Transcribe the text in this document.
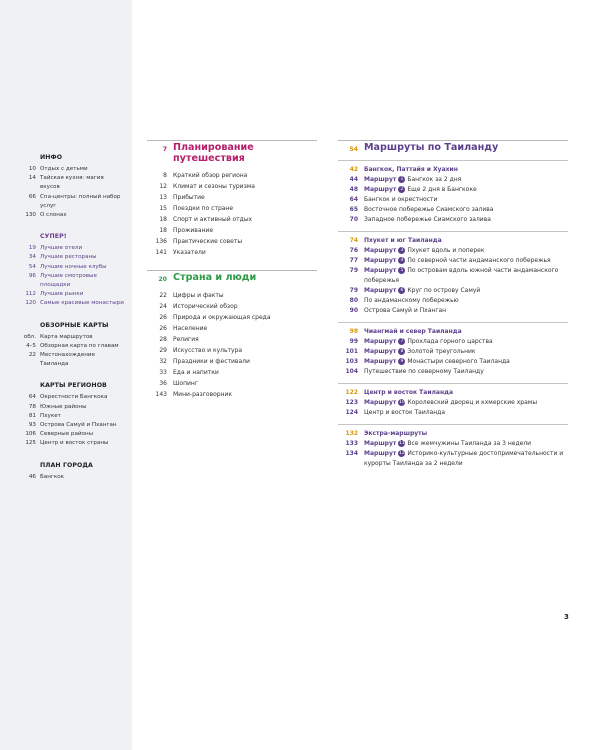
ИНФО
10 Отдых с детьми
14 Тайская кухня: магия вкусов
66 Спа-центры: полный набор услуг
130 О слонах
СУПЕР!
19 Лучшие отели
34 Лучшие рестораны
54 Лучшие ночные клубы
96 Лучшие смотровые площадки
112 Лучшие рынки
120 Самые красивые монастыри
ОБЗОРНЫЕ КАРТЫ
обл. Карта маршрутов
4–5 Обзорная карта по главам
22 Местонахождение Таиланда
КАРТЫ РЕГИОНОВ
64 Окрестности Бангкока
78 Южные районы
81 Пхукет
93 Острова Самуй и Пханган
106 Северные районы
125 Центр и восток страны
ПЛАН ГОРОДА
46 Бангкок
7 Планирование путешествия
8	Краткий обзор региона
12	Климат и сезоны туризма
13	Прибытие
15	Поездки по стране
18	Спорт и активный отдых
18	Проживание
136	Практические советы
141	Указатели
20 Страна и люди
22	Цифры и факты
24	Исторический обзор
26	Природа и окружающая среда
26	Население
28	Религия
29	Искусство и культура
32	Праздники и фестивали
33	Еда и напитки
36	Шопинг
143	Мини-разговорник
54 Маршруты по Таиланду
42	Бангкок, Паттайя и Хуахин
44	Маршрут 1 Бангкок за 2 дня
48	Маршрут 2 Еще 2 дня в Бангкоке
64	Бангкок и окрестности
65	Восточное побережье Сиамского залива
70	Западное побережье Сиамского залива
74	Пхукет и юг Таиланда
76	Маршрут 3 Пхукет вдоль и поперек
77	Маршрут 4 По северной части андаманского побережья
79	Маршрут 5 По островам вдоль южной части андаманского побережья
79	Маршрут 6 Круг по острову Самуй
80	По андаманскому побережью
90	Острова Самуй и Пханган
98	Чиангмай и север Таиланда
99	Маршрут 7 Прохлада горного царства
101	Маршрут 8 Золотой треугольник
103	Маршрут 9 Монастыри северного Таиланда
104	Путешествие по северному Таиланду
122	Центр и восток Таиланда
123	Маршрут 10 Королевский дворец и кхмерские храмы
124	Центр и восток Таиланда
132	Экстра-маршруты
133	Маршрут 11 Все жемчужины Таиланда за 3 недели
134	Маршрут 12 Историко-культурные достопримечательности и курорты Таиланда за 2 недели
3
